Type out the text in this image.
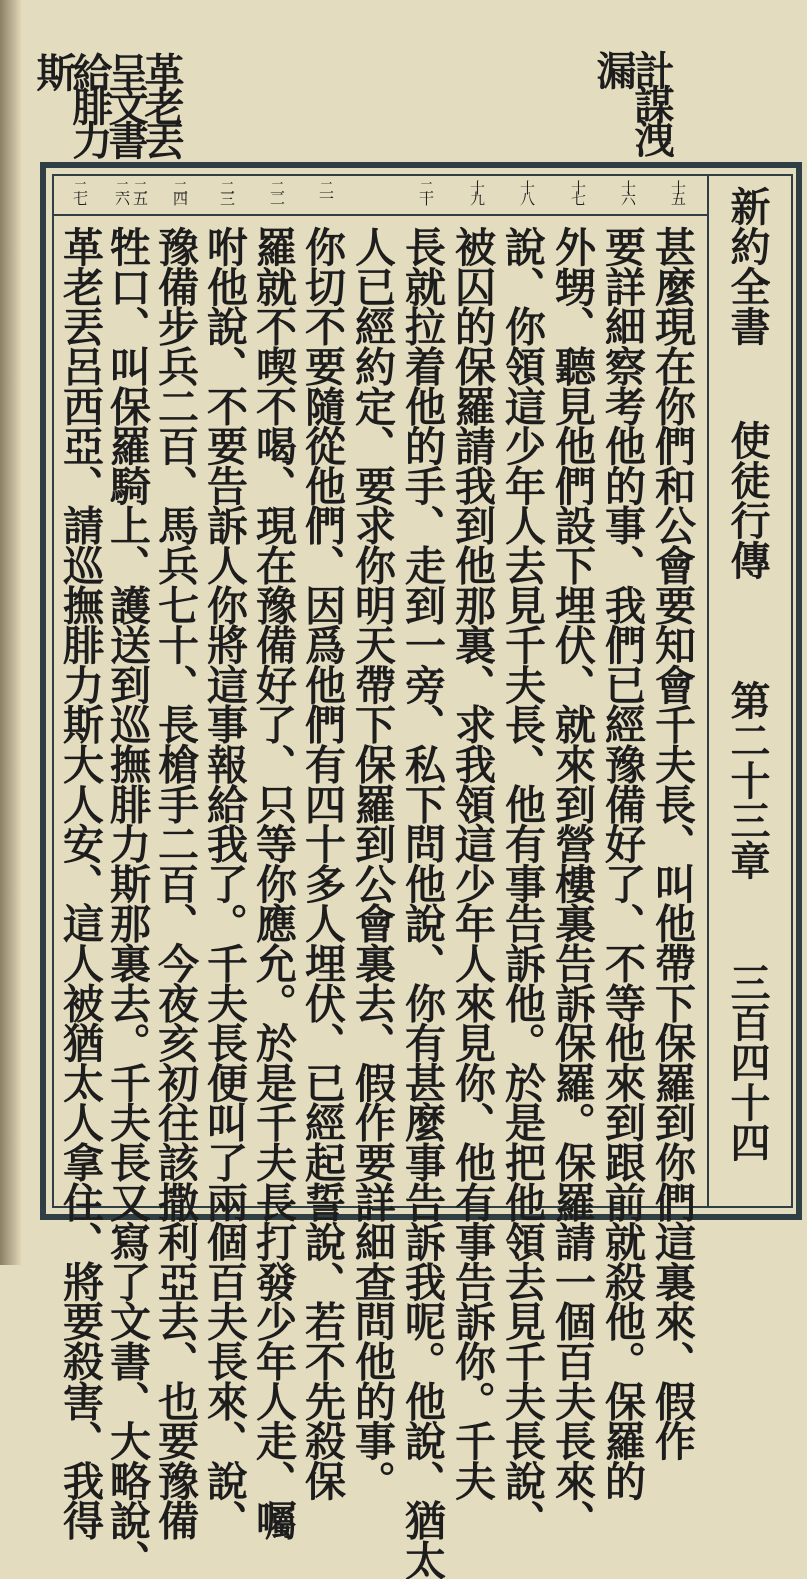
革老丟
呈文書
給腓力
斯	計謀洩
漏
新約全書
使徒行傳
第二十三章
三百四十四
十五
十六
十七
十八
十九
二十
二一
二二
二三
二四
二五
二六
二七
甚麼現在你們和公會要知會千夫長、叫他帶下保羅到你們這裏來、假作
要詳細察考他的事、我們已經豫備好了、不等他來到跟前就殺他。保羅的
外甥、聽見他們設下埋伏、就來到營樓裏告訴保羅。保羅請一個百夫長來、
說、你領這少年人去見千夫長、他有事告訴他。於是把他領去見千夫長說、
被囚的保羅請我到他那裏、求我領這少年人來見你、他有事告訴你。千夫
長就拉着他的手、走到一旁、私下問他說、你有甚麼事告訴我呢。他說、猶太
人已經約定、要求你明天帶下保羅到公會裏去、假作要詳細查問他的事。
你切不要隨從他們、因爲他們有四十多人埋伏、已經起誓說、若不先殺保
羅就不喫不喝、現在豫備好了、只等你應允。於是千夫長打發少年人走、囑
咐他說、不要告訴人你將這事報給我了。千夫長便叫了兩個百夫長來、說、
豫備步兵二百、馬兵七十、長槍手二百、今夜亥初往該撒利亞去、也要豫備
牲口、叫保羅騎上、護送到巡撫腓力斯那裏去。千夫長又寫了文書、大略說、
革老丟呂西亞、請巡撫腓力斯大人安、這人被猶太人拿住、將要殺害、我得
